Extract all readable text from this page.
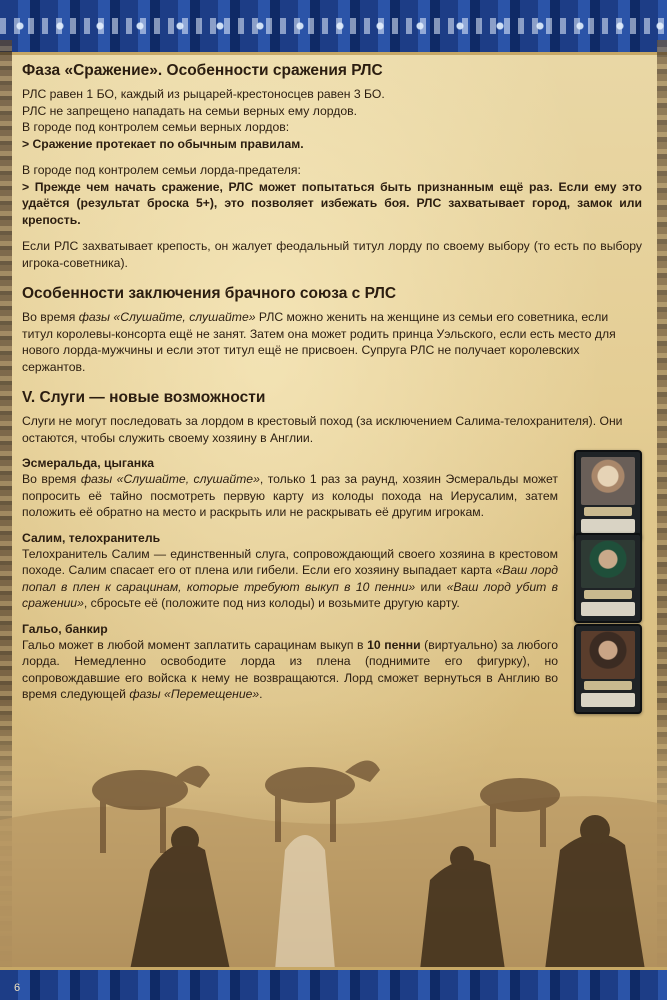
6
Фаза «Сражение». Особенности сражения РЛС

РЛС равен 1 БО, каждый из рыцарей-крестоносцев равен 3 БО.

РЛС не запрещено нападать на семьи верных ему лордов.

В городе под контролем семьи верных лордов:

> Сражение протекает по обычным правилам.

В городе под контролем семьи лорда-предателя:

> Прежде чем начать сражение, РЛС может попытаться быть признанным ещё раз. Если ему это удаётся (результат броска 5+), это позволяет избежать боя. РЛС захватывает город, замок или крепость.

Если РЛС захватывает крепость, он жалует феодальный титул лорду по своему выбору (то есть по выбору игрока-советника).

Особенности заключения брачного союза с РЛС

Во время фазы «Слушайте, слушайте» РЛС можно женить на женщине из семьи его советника, если титул королевы-консорта ещё не занят. Затем она может родить принца Уэльского, если есть место для нового лорда-мужчины и если этот титул ещё не присвоен. Супруга РЛС не получает королевских сержантов.

V. Слуги — новые возможности

Слуги не могут последовать за лордом в крестовый поход (за исключением Салима-телохранителя). Они остаются, чтобы служить своему хозяину в Англии.

Эсмеральда, цыганка

Во время фазы «Слушайте, слушайте», только 1 раз за раунд, хозяин Эсмеральды может попросить её тайно посмотреть первую карту из колоды похода на Иерусалим, затем положить её обратно на место и раскрыть или не раскрывать её другим игрокам.

Салим, телохранитель

Телохранитель Салим — единственный слуга, сопровождающий своего хозяина в крестовом походе. Салим спасает его от плена или гибели. Если его хозяину выпадает карта «Ваш лорд попал в плен к сарацинам, которые требуют выкуп в 10 пенни» или «Ваш лорд убит в сражении», сбросьте её (положите под низ колоды) и возьмите другую карту.

Гальо, банкир

Гальо может в любой момент заплатить сарацинам выкуп в 10 пенни (виртуально) за любого лорда. Немедленно освободите лорда из плена (поднимите его фигурку), но сопровождавшие его войска к нему не возвращаются. Лорд сможет вернуться в Англию во время следующей фазы «Перемещение».
